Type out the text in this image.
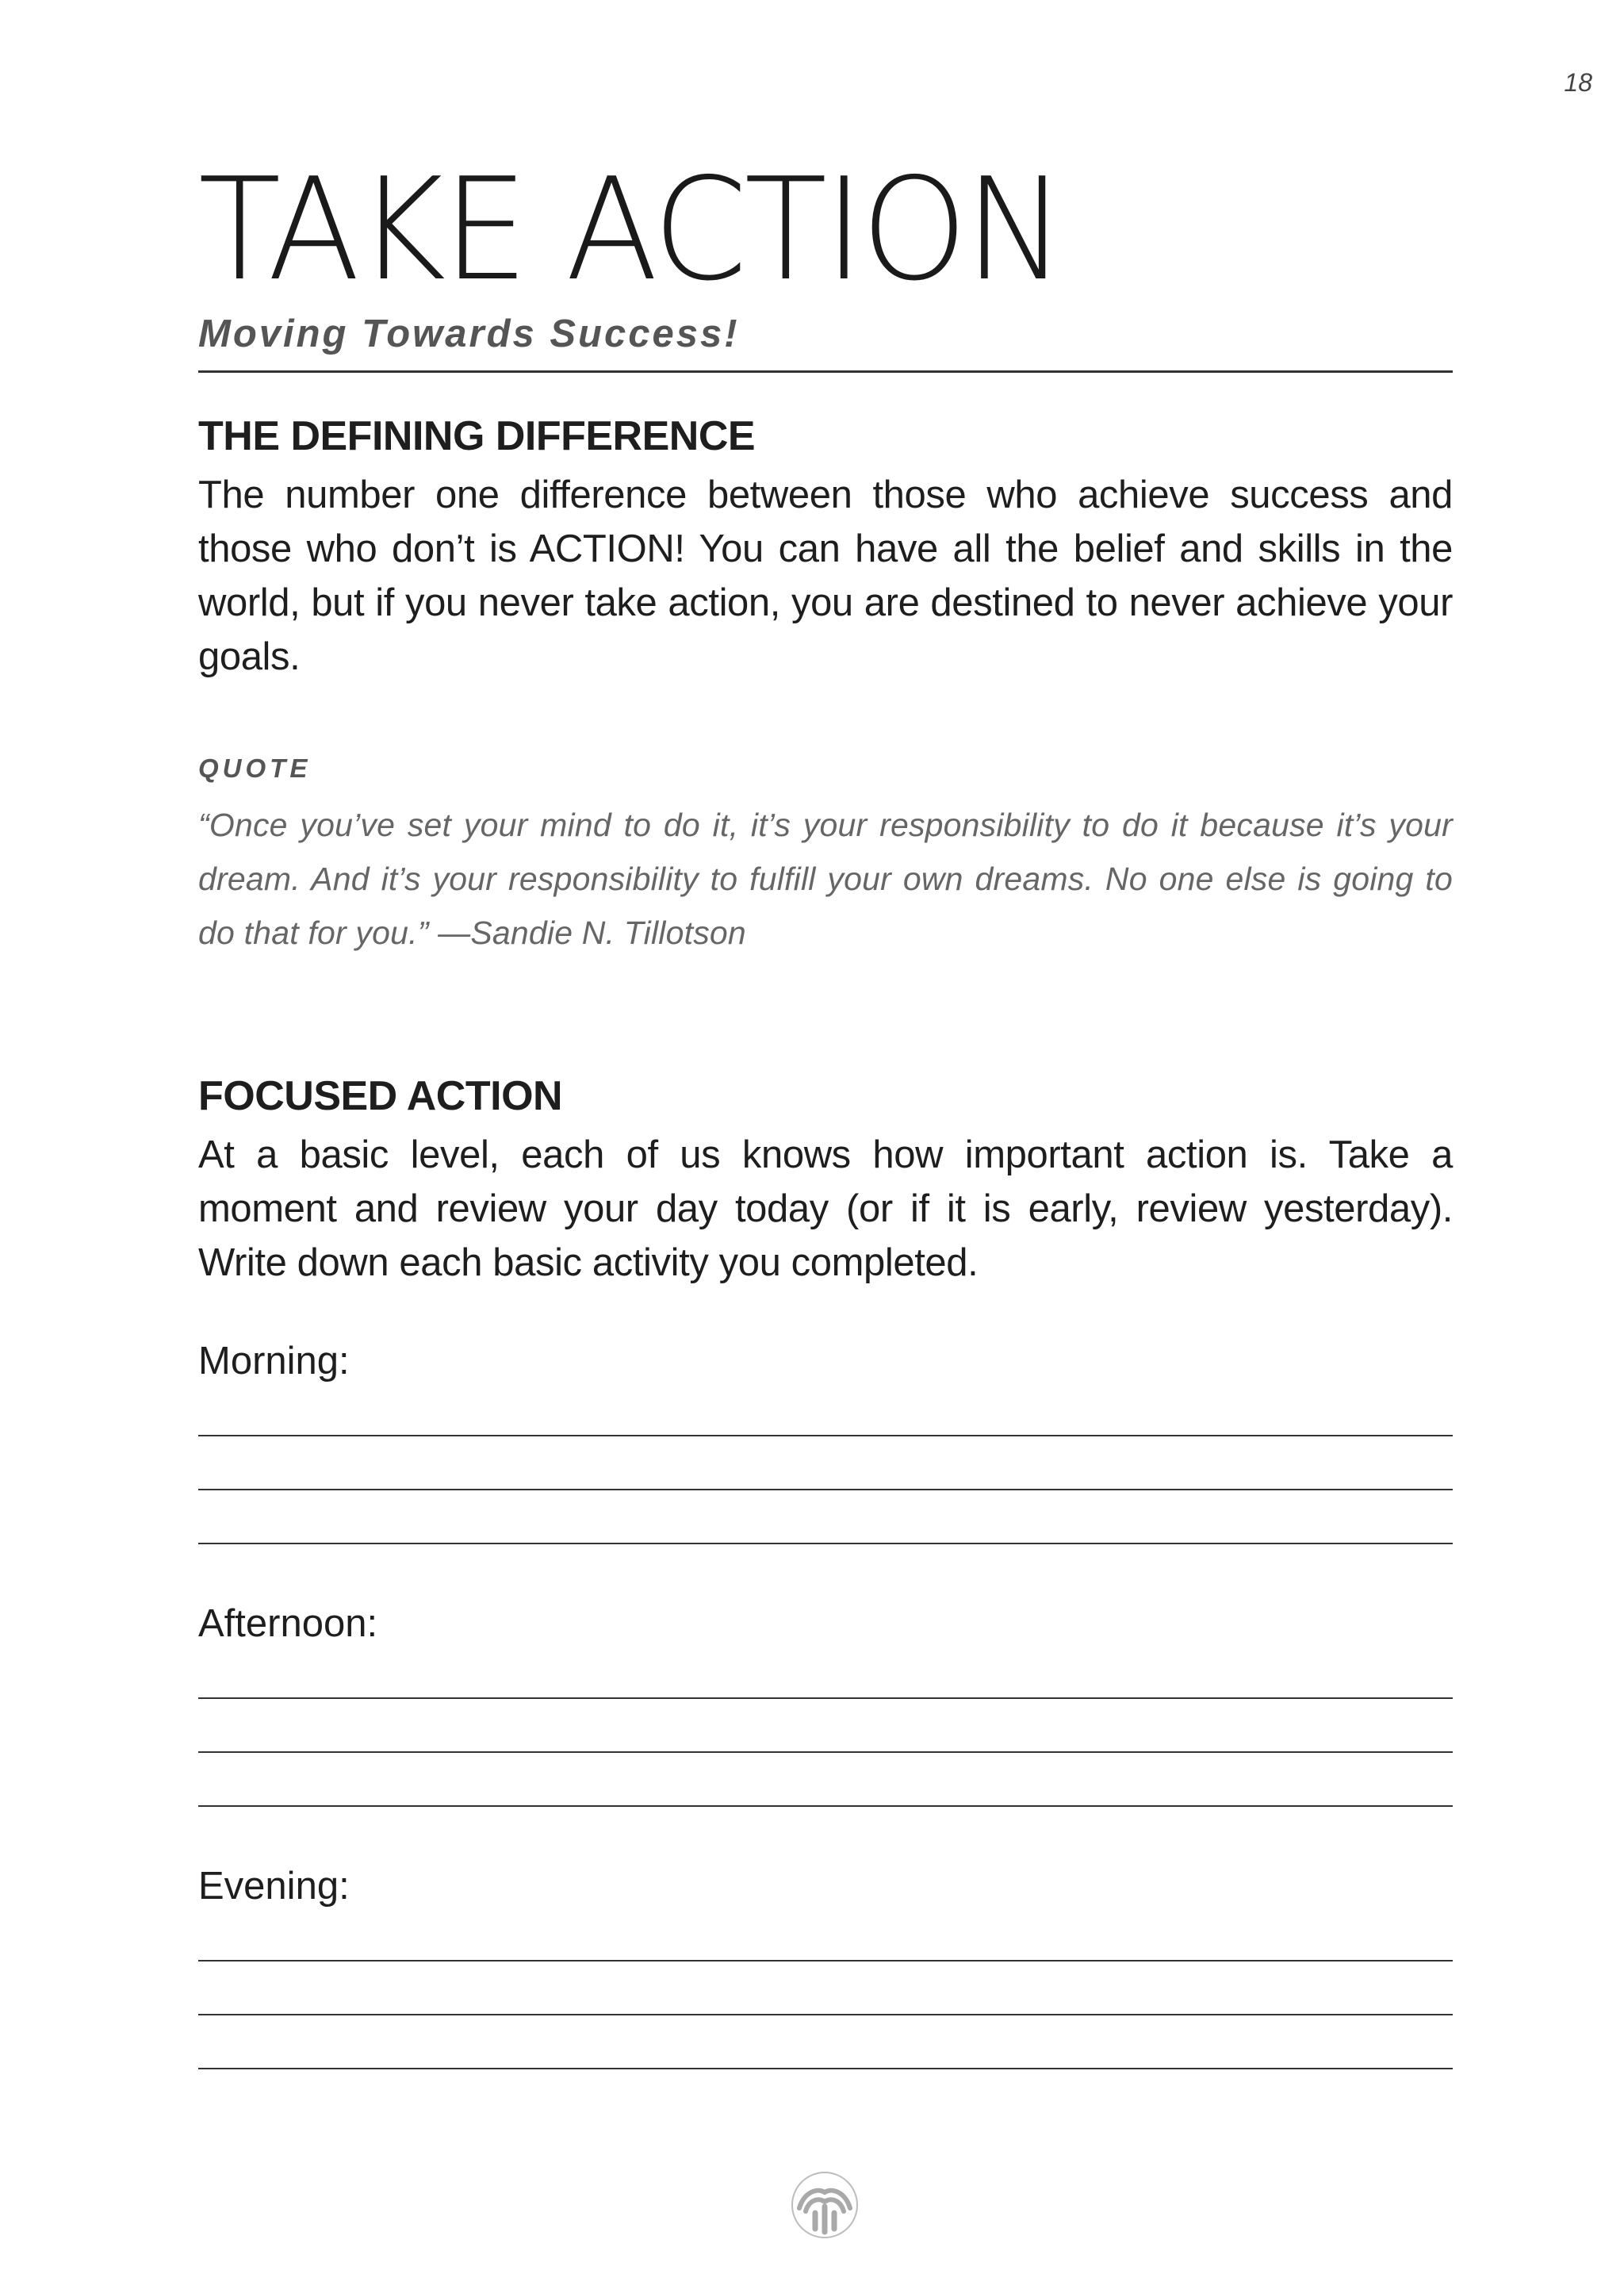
18
TAKE ACTION
Moving Towards Success!
THE DEFINING DIFFERENCE

The number one difference between those who achieve success and those who don’t is ACTION! You can have all the belief and skills in the world, but if you never take action, you are destined to never achieve your goals.

QUOTE
“Once you’ve set your mind to do it, it’s your responsibility to do it because it’s your dream. And it’s your responsibility to fulfill your own dreams. No one else is going to do that for you.” —Sandie N. Tillotson
FOCUSED ACTION

At a basic level, each of us knows how important action is. Take a moment and review your day today (or if it is early, review yesterday). Write down each basic activity you completed.

Morning:
Afternoon:
Evening:
